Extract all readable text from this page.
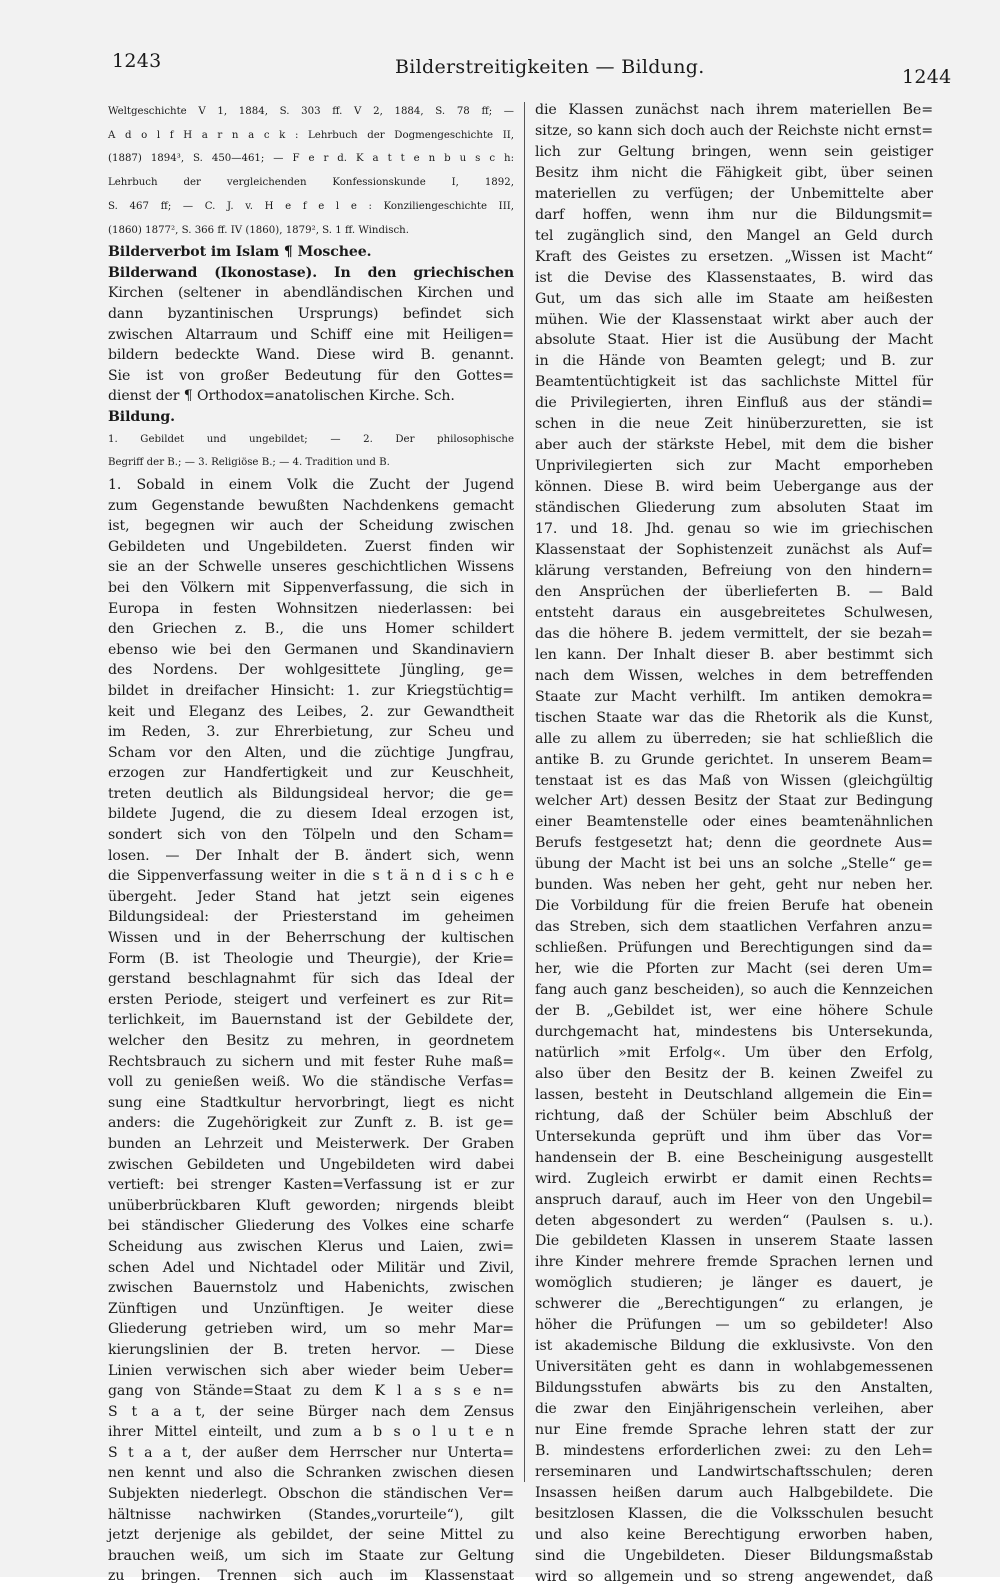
1243	Bilderstreitigkeiten — Bildung.	1244
Weltgeschichte V 1, 1884, S. 303 ff. V 2, 1884, S. 78 ff; —
A d o l f H a r n a c k : Lehrbuch der Dogmengeschichte II,
(1887) 1894³, S. 450—461; — F e r d. K a t t e n b u s c h:
Lehrbuch der vergleichenden Konfessionskunde I, 1892,
S. 467 ff; — C. J. v. H e f e l e : Konziliengeschichte III,
(1860) 1877², S. 366 ff. IV (1860), 1879², S. 1 ff. Windisch.
Bilderverbot im Islam ¶ Moschee.
Bilderwand (Ikonostase). In den griechischen
Kirchen (seltener in abendländischen Kirchen und
dann byzantinischen Ursprungs) befindet sich
zwischen Altarraum und Schiff eine mit Heiligen=
bildern bedeckte Wand. Diese wird B. genannt.
Sie ist von großer Bedeutung für den Gottes=
dienst der ¶ Orthodox=anatolischen Kirche. Sch.
Bildung.
1. Gebildet und ungebildet; — 2. Der philosophische
Begriff der B.; — 3. Religiöse B.; — 4. Tradition und B.
1. Sobald in einem Volk die Zucht der Jugend
zum Gegenstande bewußten Nachdenkens gemacht
ist, begegnen wir auch der Scheidung zwischen
Gebildeten und Ungebildeten. Zuerst finden wir
sie an der Schwelle unseres geschichtlichen Wissens
bei den Völkern mit Sippenverfassung, die sich in
Europa in festen Wohnsitzen niederlassen: bei
den Griechen z. B., die uns Homer schildert
ebenso wie bei den Germanen und Skandinaviern
des Nordens. Der wohlgesittete Jüngling, ge=
bildet in dreifacher Hinsicht: 1. zur Kriegstüchtig=
keit und Eleganz des Leibes, 2. zur Gewandtheit
im Reden, 3. zur Ehrerbietung, zur Scheu und
Scham vor den Alten, und die züchtige Jungfrau,
erzogen zur Handfertigkeit und zur Keuschheit,
treten deutlich als Bildungsideal hervor; die ge=
bildete Jugend, die zu diesem Ideal erzogen ist,
sondert sich von den Tölpeln und den Scham=
losen. — Der Inhalt der B. ändert sich, wenn
die Sippenverfassung weiter in die s t ä n d i s c h e
übergeht. Jeder Stand hat jetzt sein eigenes
Bildungsideal: der Priesterstand im geheimen
Wissen und in der Beherrschung der kultischen
Form (B. ist Theologie und Theurgie), der Krie=
gerstand beschlagnahmt für sich das Ideal der
ersten Periode, steigert und verfeinert es zur Rit=
terlichkeit, im Bauernstand ist der Gebildete der,
welcher den Besitz zu mehren, in geordnetem
Rechtsbrauch zu sichern und mit fester Ruhe maß=
voll zu genießen weiß. Wo die ständische Verfas=
sung eine Stadtkultur hervorbringt, liegt es nicht
anders: die Zugehörigkeit zur Zunft z. B. ist ge=
bunden an Lehrzeit und Meisterwerk. Der Graben
zwischen Gebildeten und Ungebildeten wird dabei
vertieft: bei strenger Kasten=Verfassung ist er zur
unüberbrückbaren Kluft geworden; nirgends bleibt
bei ständischer Gliederung des Volkes eine scharfe
Scheidung aus zwischen Klerus und Laien, zwi=
schen Adel und Nichtadel oder Militär und Zivil,
zwischen Bauernstolz und Habenichts, zwischen
Zünftigen und Unzünftigen. Je weiter diese
Gliederung getrieben wird, um so mehr Mar=
kierungslinien der B. treten hervor. — Diese
Linien verwischen sich aber wieder beim Ueber=
gang von Stände=Staat zu dem K l a s s e n=
S t a a t, der seine Bürger nach dem Zensus
ihrer Mittel einteilt, und zum a b s o l u t e n
S t a a t, der außer dem Herrscher nur Unterta=
nen kennt und also die Schranken zwischen diesen
Subjekten niederlegt. Obschon die ständischen Ver=
hältnisse nachwirken (Standes„vorurteile“), gilt
jetzt derjenige als gebildet, der seine Mittel zu
brauchen weiß, um sich im Staate zur Geltung
zu bringen. Trennen sich auch im Klassenstaat
die Klassen zunächst nach ihrem materiellen Be=
sitze, so kann sich doch auch der Reichste nicht ernst=
lich zur Geltung bringen, wenn sein geistiger
Besitz ihm nicht die Fähigkeit gibt, über seinen
materiellen zu verfügen; der Unbemittelte aber
darf hoffen, wenn ihm nur die Bildungsmit=
tel zugänglich sind, den Mangel an Geld durch
Kraft des Geistes zu ersetzen. „Wissen ist Macht“
ist die Devise des Klassenstaates, B. wird das
Gut, um das sich alle im Staate am heißesten
mühen. Wie der Klassenstaat wirkt aber auch der
absolute Staat. Hier ist die Ausübung der Macht
in die Hände von Beamten gelegt; und B. zur
Beamtentüchtigkeit ist das sachlichste Mittel für
die Privilegierten, ihren Einfluß aus der ständi=
schen in die neue Zeit hinüberzuretten, sie ist
aber auch der stärkste Hebel, mit dem die bisher
Unprivilegierten sich zur Macht emporheben
können. Diese B. wird beim Uebergange aus der
ständischen Gliederung zum absoluten Staat im
17. und 18. Jhd. genau so wie im griechischen
Klassenstaat der Sophistenzeit zunächst als Auf=
klärung verstanden, Befreiung von den hindern=
den Ansprüchen der überlieferten B. — Bald
entsteht daraus ein ausgebreitetes Schulwesen,
das die höhere B. jedem vermittelt, der sie bezah=
len kann. Der Inhalt dieser B. aber bestimmt sich
nach dem Wissen, welches in dem betreffenden
Staate zur Macht verhilft. Im antiken demokra=
tischen Staate war das die Rhetorik als die Kunst,
alle zu allem zu überreden; sie hat schließlich die
antike B. zu Grunde gerichtet. In unserem Beam=
tenstaat ist es das Maß von Wissen (gleichgültig
welcher Art) dessen Besitz der Staat zur Bedingung
einer Beamtenstelle oder eines beamtenähnlichen
Berufs festgesetzt hat; denn die geordnete Aus=
übung der Macht ist bei uns an solche „Stelle“ ge=
bunden. Was neben her geht, geht nur neben her.
Die Vorbildung für die freien Berufe hat obenein
das Streben, sich dem staatlichen Verfahren anzu=
schließen. Prüfungen und Berechtigungen sind da=
her, wie die Pforten zur Macht (sei deren Um=
fang auch ganz bescheiden), so auch die Kennzeichen
der B. „Gebildet ist, wer eine höhere Schule
durchgemacht hat, mindestens bis Untersekunda,
natürlich »mit Erfolg«. Um über den Erfolg,
also über den Besitz der B. keinen Zweifel zu
lassen, besteht in Deutschland allgemein die Ein=
richtung, daß der Schüler beim Abschluß der
Untersekunda geprüft und ihm über das Vor=
handensein der B. eine Bescheinigung ausgestellt
wird. Zugleich erwirbt er damit einen Rechts=
anspruch darauf, auch im Heer von den Ungebil=
deten abgesondert zu werden“ (Paulsen s. u.).
Die gebildeten Klassen in unserem Staate lassen
ihre Kinder mehrere fremde Sprachen lernen und
womöglich studieren; je länger es dauert, je
schwerer die „Berechtigungen“ zu erlangen, je
höher die Prüfungen — um so gebildeter! Also
ist akademische Bildung die exklusivste. Von den
Universitäten geht es dann in wohlabgemessenen
Bildungsstufen abwärts bis zu den Anstalten,
die zwar den Einjährigenschein verleihen, aber
nur Eine fremde Sprache lehren statt der zur
B. mindestens erforderlichen zwei: zu den Leh=
rerseminaren und Landwirtschaftsschulen; deren
Insassen heißen darum auch Halbgebildete. Die
besitzlosen Klassen, die die Volksschulen besucht
und also keine Berechtigung erworben haben,
sind die Ungebildeten. Dieser Bildungsmaßstab
wird so allgemein und so streng angewendet, daß
